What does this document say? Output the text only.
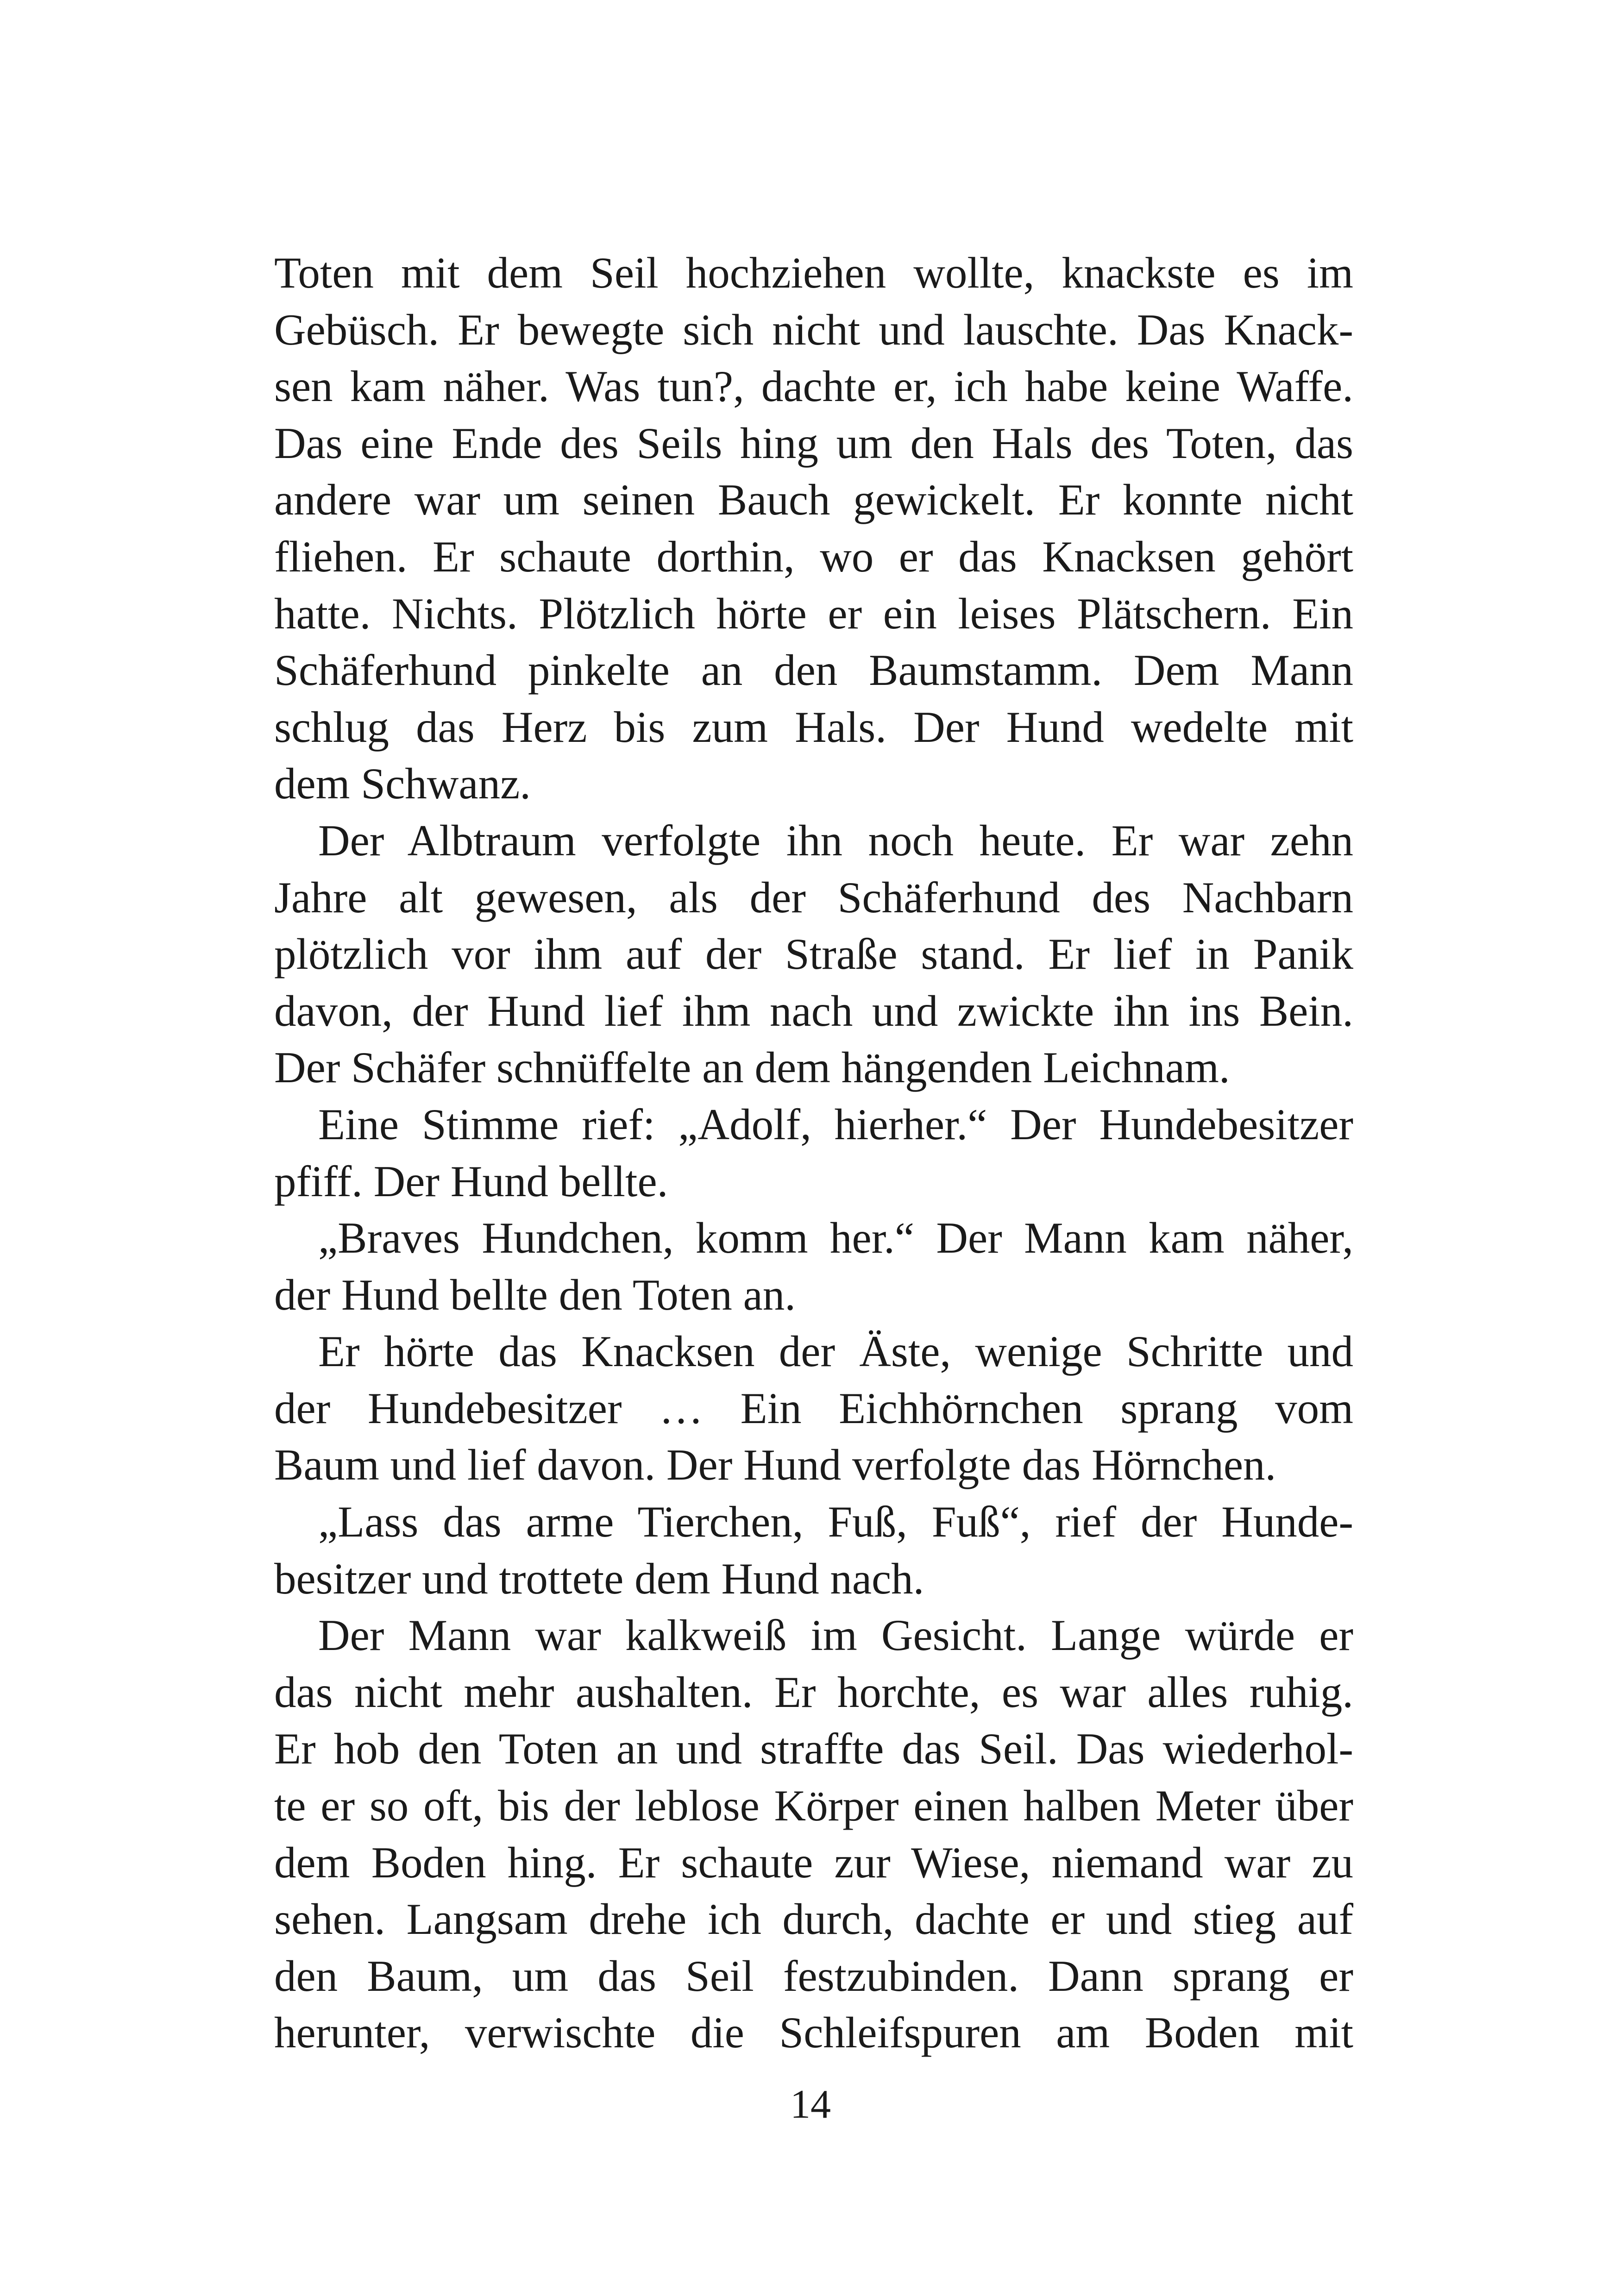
Toten mit dem Seil hochziehen wollte, knackste es im
Gebüsch. Er bewegte sich nicht und lauschte. Das Knack-
sen kam näher. Was tun?, dachte er, ich habe keine Waffe.
Das eine Ende des Seils hing um den Hals des Toten, das
andere war um seinen Bauch gewickelt. Er konnte nicht
fliehen. Er schaute dorthin, wo er das Knacksen gehört
hatte. Nichts. Plötzlich hörte er ein leises Plätschern. Ein
Schäferhund pinkelte an den Baumstamm. Dem Mann
schlug das Herz bis zum Hals. Der Hund wedelte mit
dem Schwanz.
Der Albtraum verfolgte ihn noch heute. Er war zehn
Jahre alt gewesen, als der Schäferhund des Nachbarn
plötzlich vor ihm auf der Straße stand. Er lief in Panik
davon, der Hund lief ihm nach und zwickte ihn ins Bein.
Der Schäfer schnüffelte an dem hängenden Leichnam.
Eine Stimme rief: „Adolf, hierher.“ Der Hundebesitzer
pfiff. Der Hund bellte.
„Braves Hundchen, komm her.“ Der Mann kam näher,
der Hund bellte den Toten an.
Er hörte das Knacksen der Äste, wenige Schritte und
der Hundebesitzer … Ein Eichhörnchen sprang vom
Baum und lief davon. Der Hund verfolgte das Hörnchen.
„Lass das arme Tierchen, Fuß, Fuß“, rief der Hunde-
besitzer und trottete dem Hund nach.
Der Mann war kalkweiß im Gesicht. Lange würde er
das nicht mehr aushalten. Er horchte, es war alles ruhig.
Er hob den Toten an und straffte das Seil. Das wiederhol-
te er so oft, bis der leblose Körper einen halben Meter über
dem Boden hing. Er schaute zur Wiese, niemand war zu
sehen. Langsam drehe ich durch, dachte er und stieg auf
den Baum, um das Seil festzubinden. Dann sprang er
herunter, verwischte die Schleifspuren am Boden mit
14
